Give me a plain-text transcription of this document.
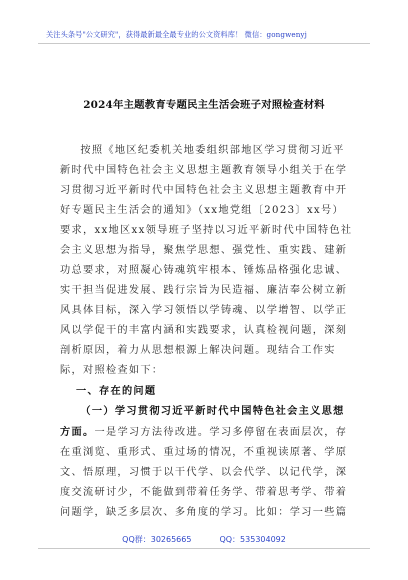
关注头条号"公文研究"，获得最新最全最专业的公文资料库！ 微信：gongwenyj
2024年主题教育专题民主生活会班子对照检查材料

按照《地区纪委机关地委组织部地区学习贯彻习近平新时代中国特色社会主义思想主题教育领导小组关于在学习贯彻习近平新时代中国特色社会主义思想主题教育中开好专题民主生活会的通知》（xx地党组〔2023〕xx号）要求，xx地区xx领导班子坚持以习近平新时代中国特色社会主义思想为指导，聚焦学思想、强党性、重实践、建新功总要求，对照凝心铸魂筑牢根本、锤炼品格强化忠诚、实干担当促进发展、践行宗旨为民造福、廉洁奉公树立新风具体目标，深入学习领悟以学铸魂、以学增智、以学正风以学促干的丰富内涵和实践要求，认真检视问题，深刻剖析原因，着力从思想根源上解决问题。现结合工作实际，对照检查如下：

一、存在的问题

（一）学习贯彻习近平新时代中国特色社会主义思想方面。一是学习方法待改进。学习多停留在表面层次，存在重浏览、重形式、重过场的情况，不重视读原著、学原文、悟原理，习惯于以干代学、以会代学、以记代学，深度交流研讨少，不能做到带着任务学、带着思考学、带着问题学，缺乏多层次、多角度的学习。比如：学习一些篇

QQ群：30265665	QQ：535304092
